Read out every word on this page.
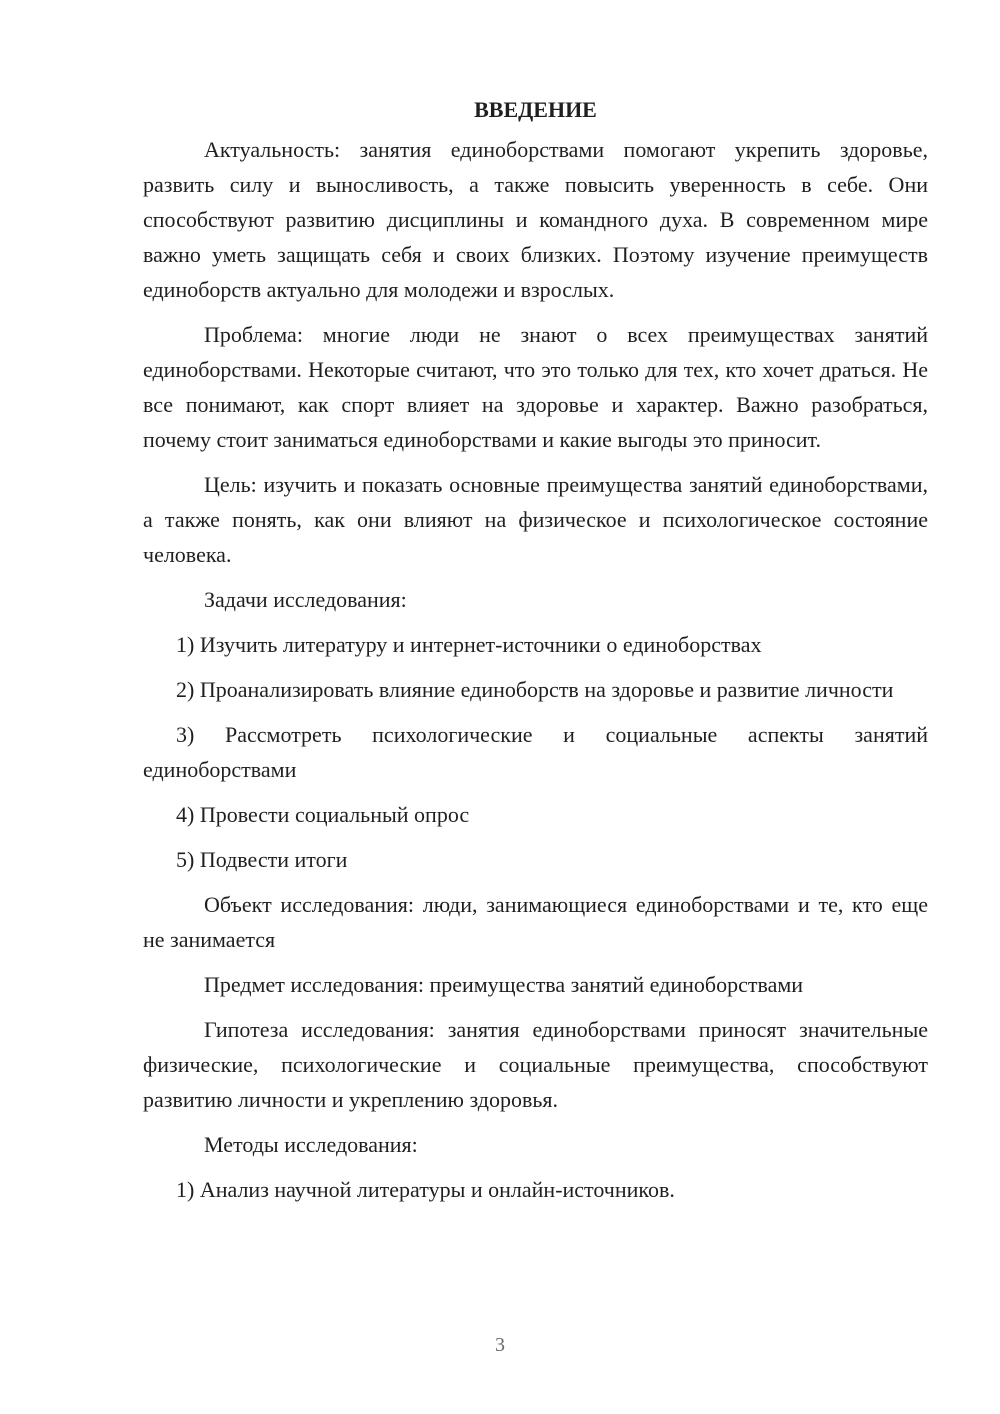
ВВЕДЕНИЕ

Актуальность: занятия единоборствами помогают укрепить здоровье, развить силу и выносливость, а также повысить уверенность в себе. Они способствуют развитию дисциплины и командного духа. В современном мире важно уметь защищать себя и своих близких. Поэтому изучение преимуществ единоборств актуально для молодежи и взрослых.

Проблема: многие люди не знают о всех преимуществах занятий единоборствами. Некоторые считают, что это только для тех, кто хочет драться. Не все понимают, как спорт влияет на здоровье и характер. Важно разобраться, почему стоит заниматься единоборствами и какие выгоды это приносит.

Цель: изучить и показать основные преимущества занятий единоборствами, а также понять, как они влияют на физическое и психологическое состояние человека.

Задачи исследования:

1) Изучить литературу и интернет-источники о единоборствах

2) Проанализировать влияние единоборств на здоровье и развитие личности

3) Рассмотреть психологические и социальные аспекты занятий единоборствами

4) Провести социальный опрос

5) Подвести итоги

Объект исследования: люди, занимающиеся единоборствами и те, кто еще не занимается

Предмет исследования: преимущества занятий единоборствами

Гипотеза исследования: занятия единоборствами приносят значительные физические, психологические и социальные преимущества, способствуют развитию личности и укреплению здоровья.

Методы исследования:

1) Анализ научной литературы и онлайн-источников.

3
